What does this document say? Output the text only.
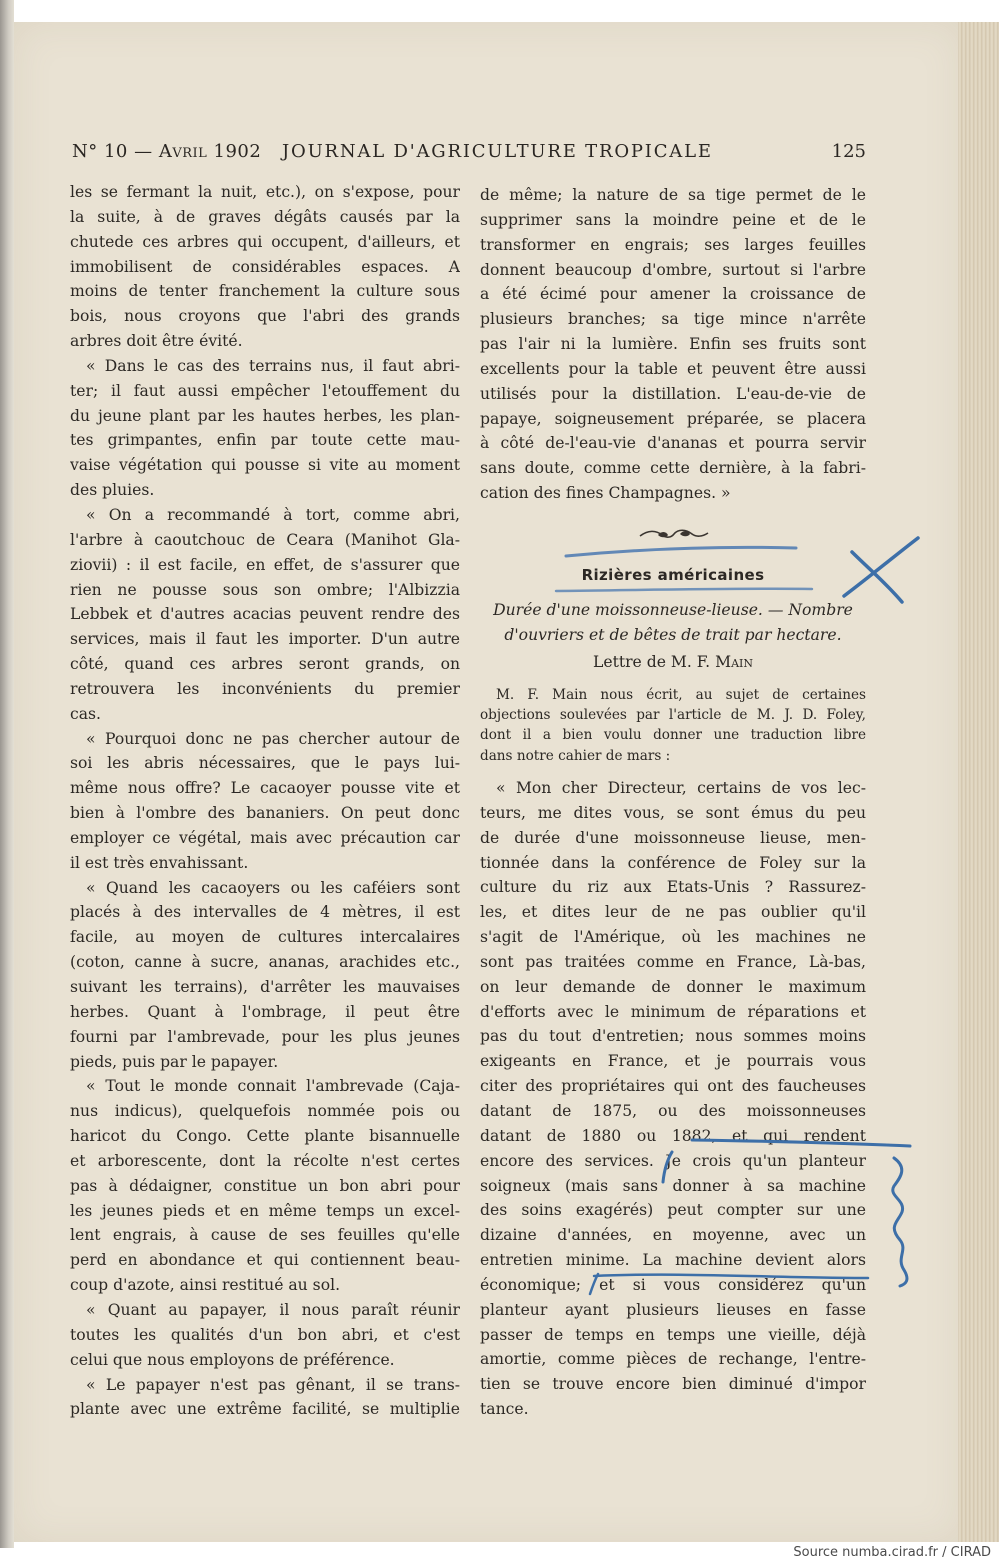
N° 10 — Avril 1902 JOURNAL D'AGRICULTURE TROPICALE	125
les se fermant la nuit, etc.), on s'expose, pour
la suite, à de graves dégâts causés par la
chutede ces arbres qui occupent, d'ailleurs, et
immobilisent de considérables espaces. A
moins de tenter franchement la culture sous
bois, nous croyons que l'abri des grands
arbres doit être évité.
« Dans le cas des terrains nus, il faut abri-
ter; il faut aussi empêcher l'etouffement du
du jeune plant par les hautes herbes, les plan-
tes grimpantes, enfin par toute cette mau-
vaise végétation qui pousse si vite au moment
des pluies.
« On a recommandé à tort, comme abri,
l'arbre à caoutchouc de Ceara (Manihot Gla-
ziovii) : il est facile, en effet, de s'assurer que
rien ne pousse sous son ombre; l'Albizzia
Lebbek et d'autres acacias peuvent rendre des
services, mais il faut les importer. D'un autre
côté, quand ces arbres seront grands, on
retrouvera les inconvénients du premier
cas.
« Pourquoi donc ne pas chercher autour de
soi les abris nécessaires, que le pays lui-
même nous offre? Le cacaoyer pousse vite et
bien à l'ombre des bananiers. On peut donc
employer ce végétal, mais avec précaution car
il est très envahissant.
« Quand les cacaoyers ou les caféiers sont
placés à des intervalles de 4 mètres, il est
facile, au moyen de cultures intercalaires
(coton, canne à sucre, ananas, arachides etc.,
suivant les terrains), d'arrêter les mauvaises
herbes. Quant à l'ombrage, il peut être
fourni par l'ambrevade, pour les plus jeunes
pieds, puis par le papayer.
« Tout le monde connait l'ambrevade (Caja-
nus indicus), quelquefois nommée pois ou
haricot du Congo. Cette plante bisannuelle
et arborescente, dont la récolte n'est certes
pas à dédaigner, constitue un bon abri pour
les jeunes pieds et en même temps un excel-
lent engrais, à cause de ses feuilles qu'elle
perd en abondance et qui contiennent beau-
coup d'azote, ainsi restitué au sol.
« Quant au papayer, il nous paraît réunir
toutes les qualités d'un bon abri, et c'est
celui que nous employons de préférence.
« Le papayer n'est pas gênant, il se trans-
plante avec une extrême facilité, se multiplie
de même; la nature de sa tige permet de le
supprimer sans la moindre peine et de le
transformer en engrais; ses larges feuilles
donnent beaucoup d'ombre, surtout si l'arbre
a été écimé pour amener la croissance de
plusieurs branches; sa tige mince n'arrête
pas l'air ni la lumière. Enfin ses fruits sont
excellents pour la table et peuvent être aussi
utilisés pour la distillation. L'eau-de-vie de
papaye, soigneusement préparée, se placera
à côté de-l'eau-vie d'ananas et pourra servir
sans doute, comme cette dernière, à la fabri-
cation des fines Champagnes. »
Rizières américaines
Durée d'une moissonneuse-lieuse. — Nombre
d'ouvriers et de bêtes de trait par hectare.
Lettre de M. F. Main
M. F. Main nous écrit, au sujet de certaines
objections soulevées par l'article de M. J. D. Foley,
dont il a bien voulu donner une traduction libre
dans notre cahier de mars :
« Mon cher Directeur, certains de vos lec-
teurs, me dites vous, se sont émus du peu
de durée d'une moissonneuse lieuse, men-
tionnée dans la conférence de Foley sur la
culture du riz aux Etats-Unis ? Rassurez-
les, et dites leur de ne pas oublier qu'il
s'agit de l'Amérique, où les machines ne
sont pas traitées comme en France, Là-bas,
on leur demande de donner le maximum
d'efforts avec le minimum de réparations et
pas du tout d'entretien; nous sommes moins
exigeants en France, et je pourrais vous
citer des propriétaires qui ont des faucheuses
datant de 1875, ou des moissonneuses
datant de 1880 ou 1882, et qui rendent
encore des services. Je crois qu'un planteur
soigneux (mais sans donner à sa machine
des soins exagérés) peut compter sur une
dizaine d'années, en moyenne, avec un
entretien minime. La machine devient alors
économique; et si vous considérez qu'un
planteur ayant plusieurs lieuses en fasse
passer de temps en temps une vieille, déjà
amortie, comme pièces de rechange, l'entre-
tien se trouve encore bien diminué d'impor
tance.
Source numba.cirad.fr / CIRAD
